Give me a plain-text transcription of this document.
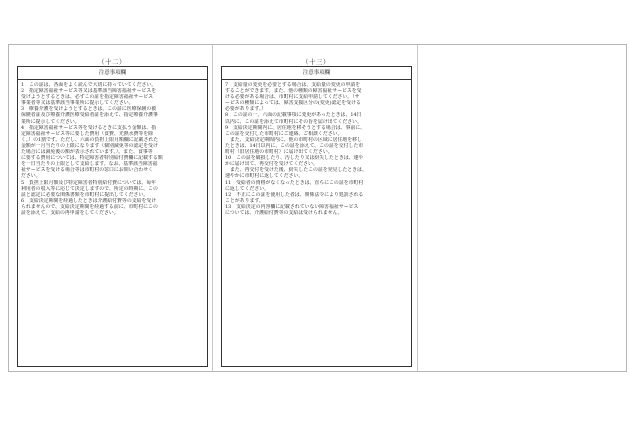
（十二）
注意事項欄
1　この証は、各面をよく読んで大切に持っていてください。
2　指定障害福祉サービス等又は基準該当障害福祉サービスを
受けようとするときは、必ずこの証を指定障害福祉サービス
事業者等又は基準該当事業所に提示してください。
3　療養介護を受けようとするときは、この証に医療保険の被
保険者証及び療養介護医療受給者証を添えて、指定療養介護事
業所に提示してください。
4　指定障害福祉サービス等を受けるときに支払う金額は、指
定障害福祉サービス等に要した費用（食費、光熱水費等を除
く。）の1割です。ただし、六面の負担上限月額欄に記載された
金額が一月当たりの上限になります（個別減免等の認定を受け
た場合には減免後の額が表示されています。）。また、食事等
に要する費用については、特定障害者特別給付費欄に記載する額
を一日当たりの上限として支給します。なお、基準該当障害福
祉サービスを受ける場合等は市町村の窓口にお問い合わせく
ださい。
5　負担上限月額及び特定障害者特別給付費については、毎年
利用者の収入等に応じて決定しますので、所定の時期に、この
証と認定に必要な関係書類を市町村に提出してください。
6　支給決定期間を経過したときは介護給付費等の支給を受け
られませんので、支給決定期間を経過する前に、市町村にこの
証を添えて、支給の再申請をしてください。
（十三）
注意事項欄
7　支給量の変更を必要とする場合は、支給量の変更の申請を
することができます。また、他の種類の障害福祉サービスを受
ける必要がある場合は、市町村に支給申請してください。（サ
ービスの種類によっては、障害支援区分の(変更)認定を受ける
必要があります。）
8　この証の一、六面の記載事項に変更があったときは、14日
以内に、この証を添えて市町村にその旨を届け出てください。
9　支給決定期間内に、居住地を移そうとする場合は、事前に、
この証を交付した市町村にご連絡、ご相談ください。
　また、支給決定期間内に、他の市町村の区域に居住地を移し
たときは、14日以内に、この証を添えて、この証を交付した市
町村（旧居住地の市町村）に届け出てください。
10　この証を破損したり、汚したり又は紛失したときは、速や
かに届け出て、再交付を受けてください。
　また、再交付を受けた後、紛失したこの証を発見したときは、
速やかに市町村に返してください。
11　受給者の資格がなくなったときは、直ちにこの証を市町村
に返してください。
12　不正にこの証を使用した者は、関係法令により処罰される
ことがあります。
13　支給決定の内容欄に記載されていない障害福祉サービス
については、介護給付費等の支給は受けられません。
